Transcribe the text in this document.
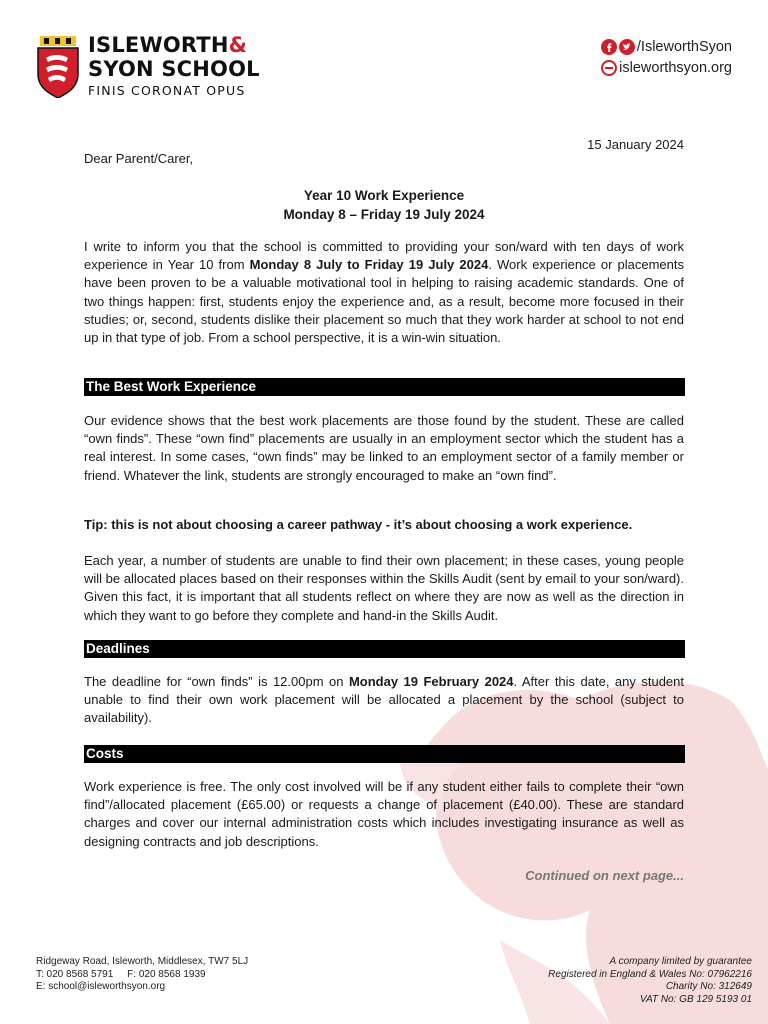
ISLEWORTH&
SYON SCHOOL
FINIS CORONAT OPUS
/IsleworthSyon
isleworthsyon.org
15 January 2024
Dear Parent/Carer,
Year 10 Work Experience
Monday 8 – Friday 19 July 2024
I write to inform you that the school is committed to providing your son/ward with ten days of work experience in Year 10 from Monday 8 July to Friday 19 July 2024. Work experience or placements have been proven to be a valuable motivational tool in helping to raising academic standards. One of two things happen: first, students enjoy the experience and, as a result, become more focused in their studies; or, second, students dislike their placement so much that they work harder at school to not end up in that type of job. From a school perspective, it is a win-win situation.
The Best Work Experience
Our evidence shows that the best work placements are those found by the student. These are called “own finds”. These “own find” placements are usually in an employment sector which the student has a real interest. In some cases, “own finds” may be linked to an employment sector of a family member or friend. Whatever the link, students are strongly encouraged to make an “own find”.
Tip: this is not about choosing a career pathway - it’s about choosing a work experience.
Each year, a number of students are unable to find their own placement; in these cases, young people will be allocated places based on their responses within the Skills Audit (sent by email to your son/ward). Given this fact, it is important that all students reflect on where they are now as well as the direction in which they want to go before they complete and hand-in the Skills Audit.
Deadlines
The deadline for “own finds” is 12.00pm on Monday 19 February 2024. After this date, any student unable to find their own work placement will be allocated a placement by the school (subject to availability).
Costs
Work experience is free. The only cost involved will be if any student either fails to complete their “own find”/allocated placement (£65.00) or requests a change of placement (£40.00). These are standard charges and cover our internal administration costs which includes investigating insurance as well as designing contracts and job descriptions.
Continued on next page...
Ridgeway Road, Isleworth, Middlesex, TW7 5LJ
T: 020 8568 5791     F: 020 8568 1939
E: school@isleworthsyon.org
A company limited by guarantee
Registered in England & Wales No: 07962216
Charity No: 312649
VAT No: GB 129 5193 01
